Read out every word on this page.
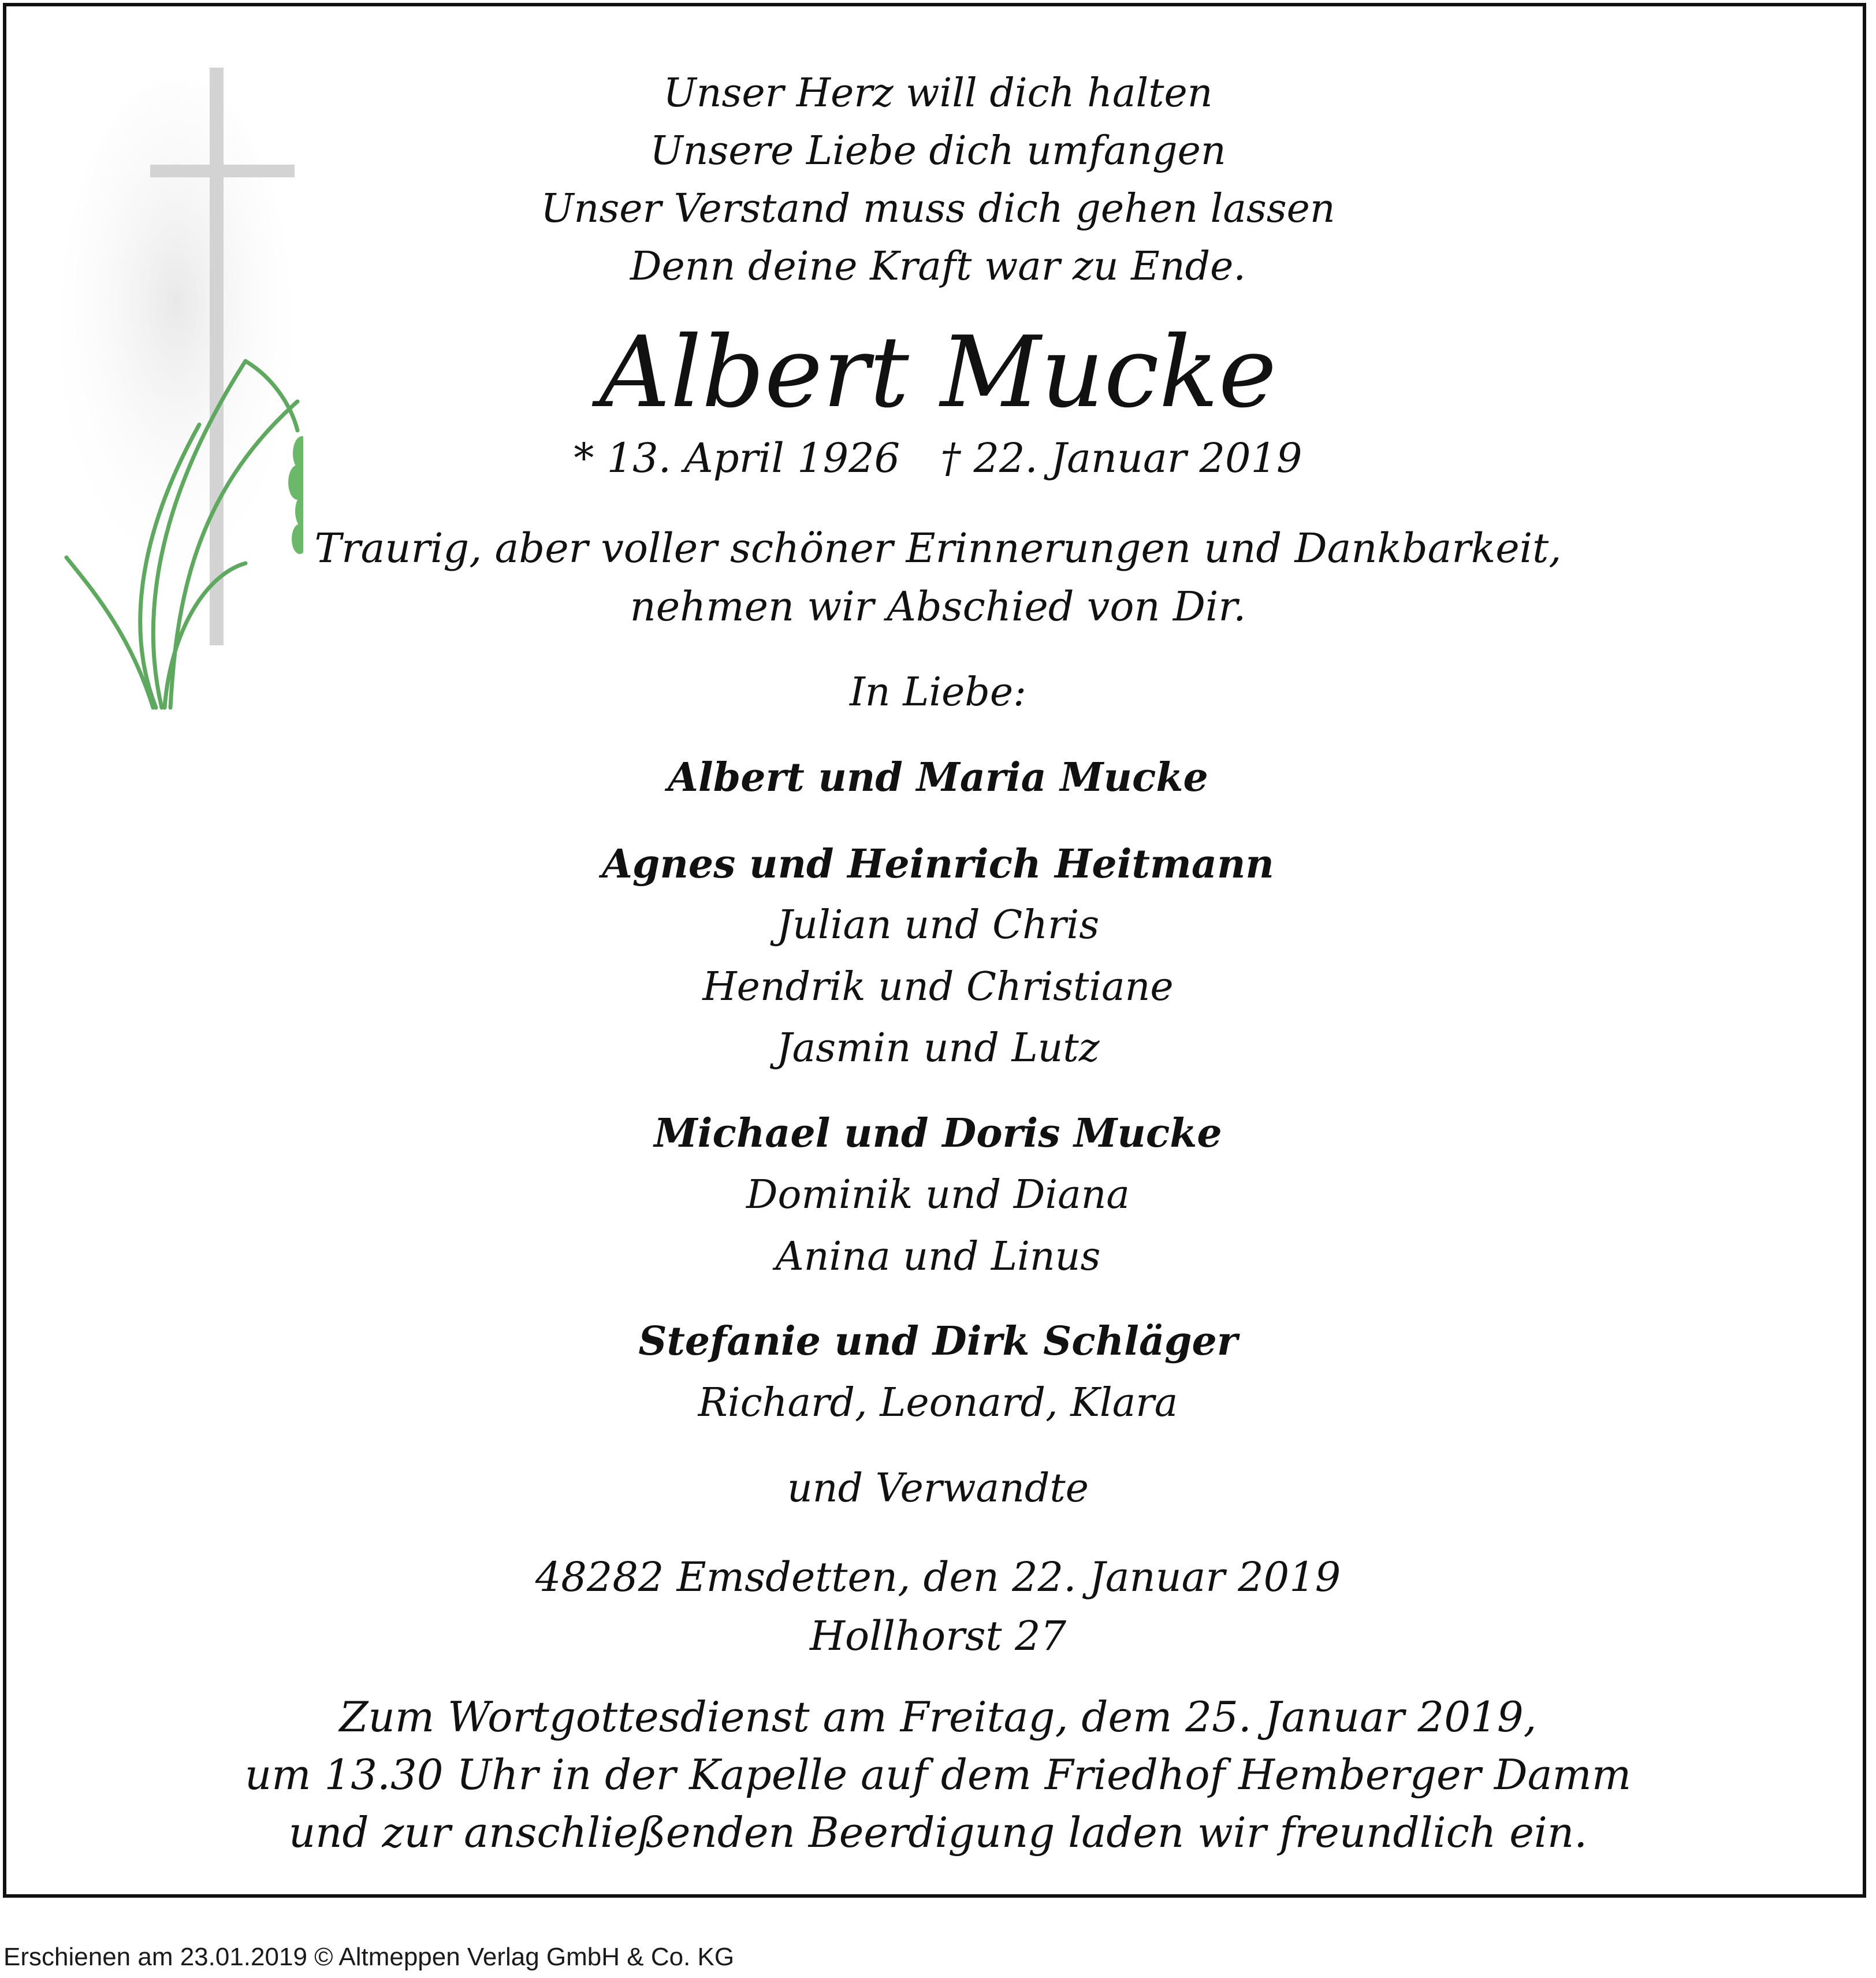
Unser Herz will dich halten
Unsere Liebe dich umfangen
Unser Verstand muss dich gehen lassen
Denn deine Kraft war zu Ende.
Albert Mucke
* 13. April 1926 † 22. Januar 2019
Traurig, aber voller schöner Erinnerungen und Dankbarkeit,
nehmen wir Abschied von Dir.
In Liebe:
Albert und Maria Mucke
Agnes und Heinrich Heitmann
Julian und Chris
Hendrik und Christiane
Jasmin und Lutz
Michael und Doris Mucke
Dominik und Diana
Anina und Linus
Stefanie und Dirk Schläger
Richard, Leonard, Klara
und Verwandte
48282 Emsdetten, den 22. Januar 2019
Hollhorst 27
Zum Wortgottesdienst am Freitag, dem 25. Januar 2019,
um 13.30 Uhr in der Kapelle auf dem Friedhof Hemberger Damm
und zur anschließenden Beerdigung laden wir freundlich ein.
Erschienen am 23.01.2019 © Altmeppen Verlag GmbH & Co. KG
